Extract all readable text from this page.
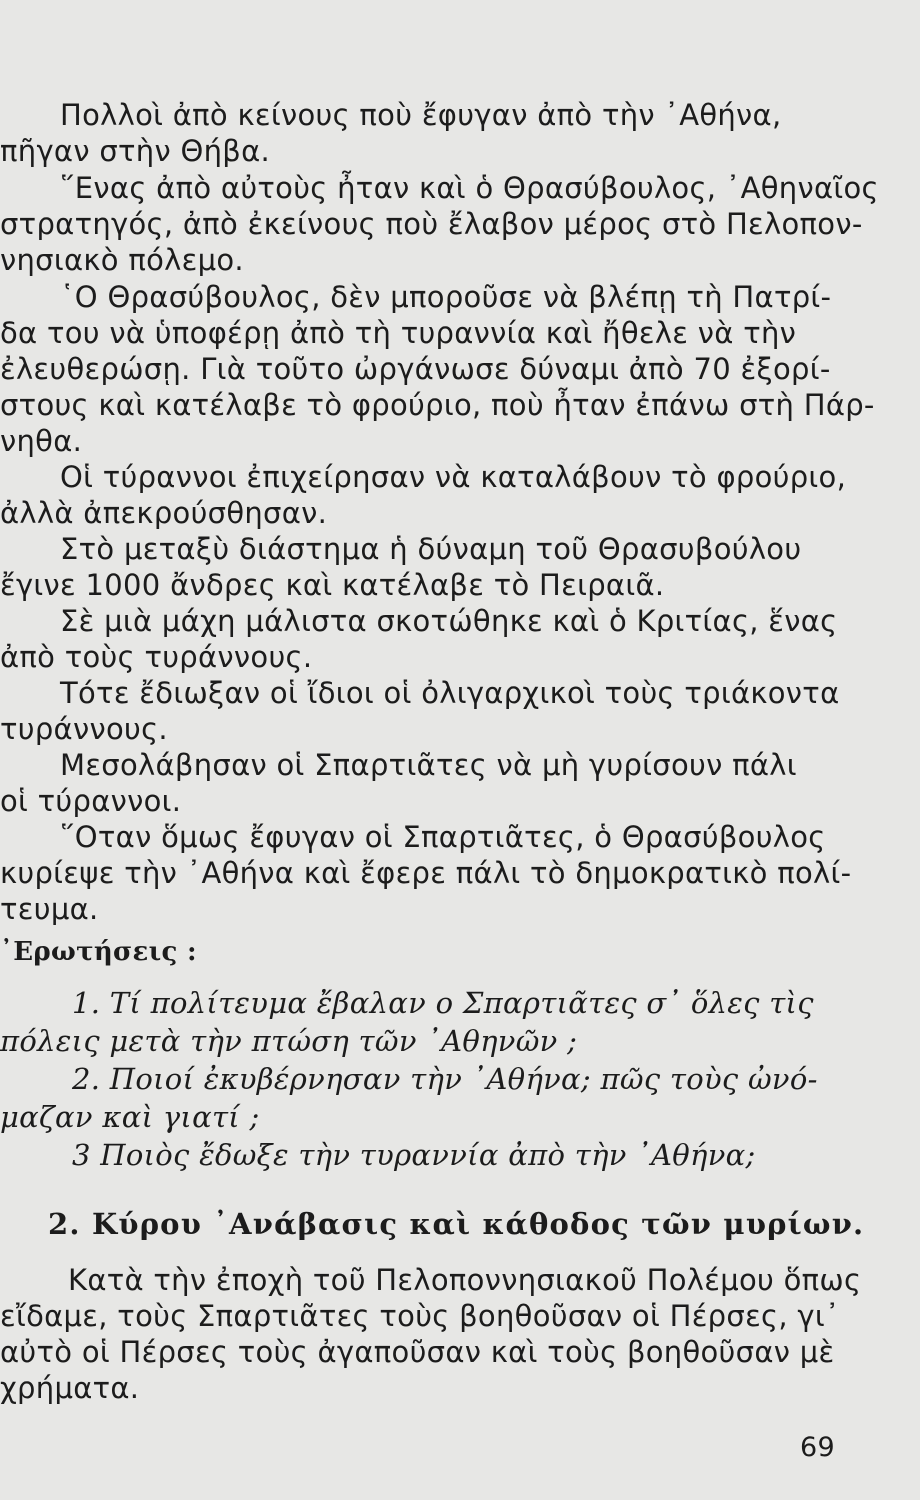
Πολλοὶ ἀπὸ κείνους ποὺ ἔφυγαν ἀπὸ τὴν ᾿Αθήνα,
πῆγαν στὴν Θήβα.
῞Ενας ἀπὸ αὐτοὺς ἦταν καὶ ὁ Θρασύβουλος, ᾿Αθηναῖος
στρατηγός, ἀπὸ ἐκείνους ποὺ ἔλαβον μέρος στὸ Πελοπον-
νησιακὸ πόλεμο.
῾Ο Θρασύβουλος, δὲν μποροῦσε νὰ βλέπῃ τὴ Πατρί-
δα του νὰ ὑποφέρῃ ἀπὸ τὴ τυραννία καὶ ἤθελε νὰ τὴν
ἐλευθερώσῃ. Γιὰ τοῦτο ὠργάνωσε δύναμι ἀπὸ 70 ἐξορί-
στους καὶ κατέλαβε τὸ φρούριο, ποὺ ἦταν ἐπάνω στὴ Πάρ-
νηθα.
Οἱ τύραννοι ἐπιχείρησαν νὰ καταλάβουν τὸ φρούριο,
ἀλλὰ ἀπεκρούσθησαν.
Στὸ μεταξὺ διάστημα ἡ δύναμη τοῦ Θρασυβούλου
ἔγινε 1000 ἄνδρες καὶ κατέλαβε τὸ Πειραιᾶ.
Σὲ μιὰ μάχη μάλιστα σκοτώθηκε καὶ ὁ Κριτίας, ἕνας
ἀπὸ τοὺς τυράννους.
Τότε ἔδιωξαν οἱ ἴδιοι οἱ ὀλιγαρχικοὶ τοὺς τριάκοντα
τυράννους.
Μεσολάβησαν οἱ Σπαρτιᾶτες νὰ μὴ γυρίσουν πάλι
οἱ τύραννοι.
῞Οταν ὅμως ἔφυγαν οἱ Σπαρτιᾶτες, ὁ Θρασύβουλος
κυρίεψε τὴν ᾿Αθήνα καὶ ἔφερε πάλι τὸ δημοκρατικὸ πολί-
τευμα.
᾿Ερωτήσεις :
1. Τί πολίτευμα ἔβαλαν ο Σπαρτιᾶτες σ᾿ ὅλες τὶς
πόλεις μετὰ τὴν πτώση τῶν ᾿Αθηνῶν ;
2. Ποιοί ἐκυβέρνησαν τὴν ᾿Αθήνα; πῶς τοὺς ὠνό-
μαζαν καὶ γιατί ;
3 Ποιὸς ἔδωξε τὴν τυραννία ἀπὸ τὴν ᾿Αθήνα;
2. Κύρου ᾿Ανάβασις καὶ κάθοδος τῶν μυρίων.
Κατὰ τὴν ἐποχὴ τοῦ Πελοποννησιακοῦ Πολέμου ὅπως
εἴδαμε, τοὺς Σπαρτιᾶτες τοὺς βοηθοῦσαν οἱ Πέρσες, γι᾿
αὐτὸ οἱ Πέρσες τοὺς ἀγαποῦσαν καὶ τοὺς βοηθοῦσαν μὲ
χρήματα.
69
